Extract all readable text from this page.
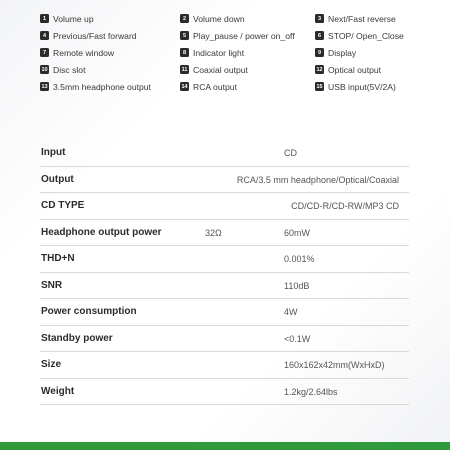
1 Volume up	2 Volume down	3 Next/Fast reverse
4 Previous/Fast forward	5 Play_pause / power on_off	6 STOP/ Open_Close
7 Remote window	8 Indicator light	9 Display
10 Disc slot	11 Coaxial output	12 Optical output
13 3.5mm headphone output	14 RCA output	15 USB input(5V/2A)
Input	CD
Output	RCA/3.5 mm headphone/Optical/Coaxial
CD TYPE	CD/CD-R/CD-RW/MP3 CD
Headphone output power	32Ω	60mW
THD+N	0.001%
SNR	110dB
Power consumption	4W
Standby power	<0.1W
Size	160x162x42mm(WxHxD)
Weight	1.2kg/2.64lbs
